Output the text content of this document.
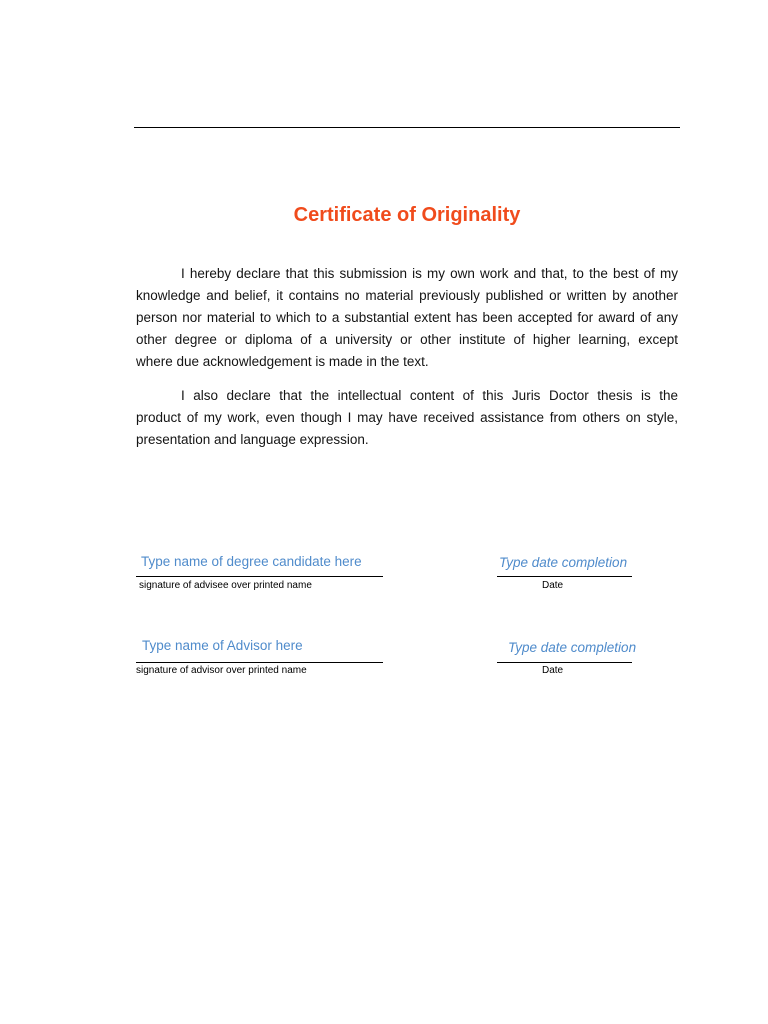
Certificate of Originality
I hereby declare that this submission is my own work and that, to the best of my
knowledge and belief, it contains no material previously published or written by another
person nor material to which to a substantial extent has been accepted for award of any
other degree or diploma of a university or other institute of higher learning, except
where due acknowledgement is made in the text.
I also declare that the intellectual content of this Juris Doctor thesis is the
product of my work, even though I may have received assistance from others on style,
presentation and language expression.
Type name of degree candidate here
signature of advisee over printed name
Type date completion
Date
Type name of Advisor here
signature of advisor over printed name
Type date completion
Date
